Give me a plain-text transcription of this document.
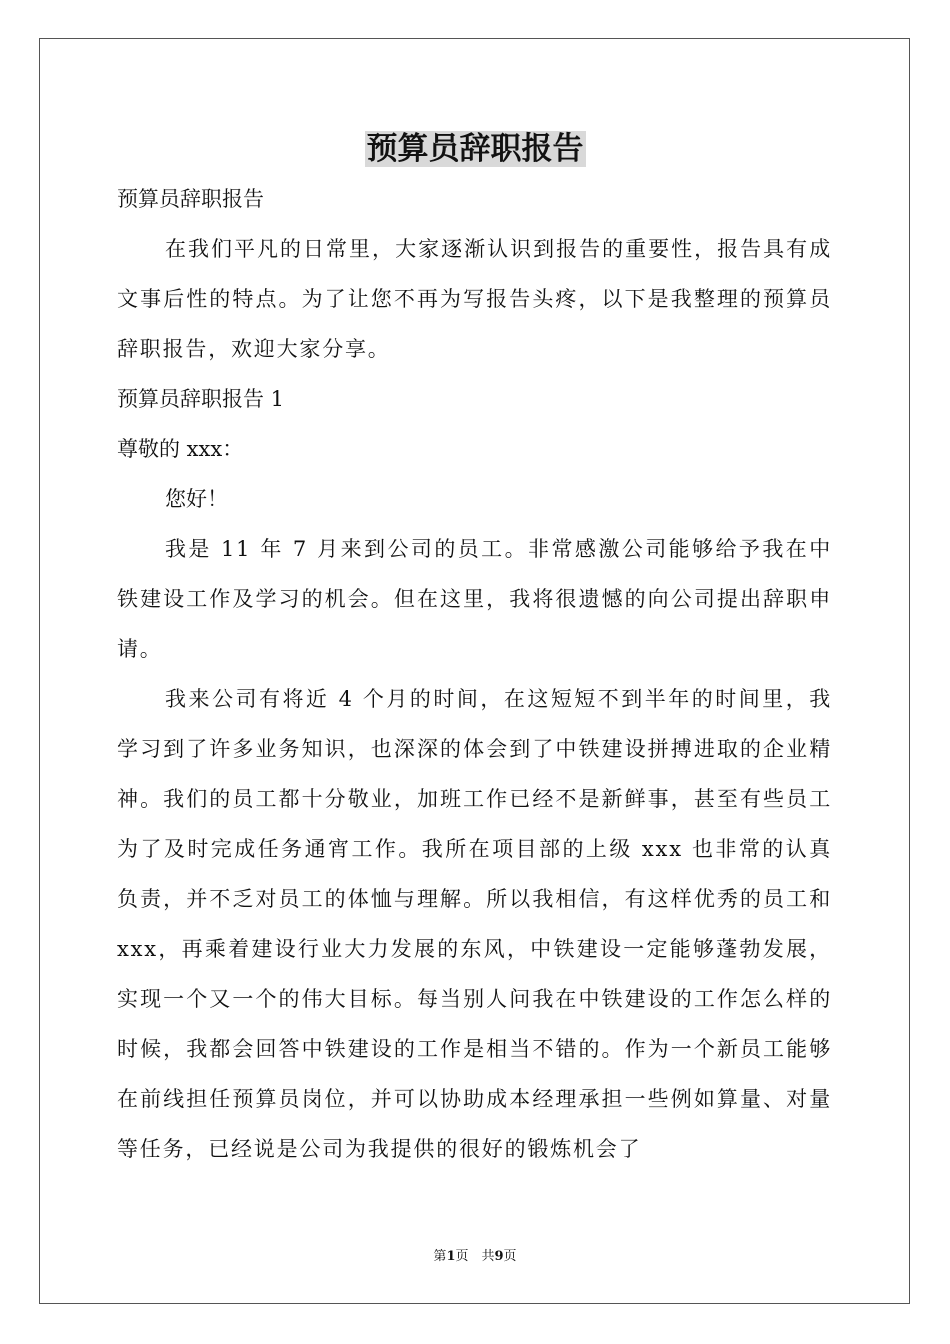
预算员辞职报告

预算员辞职报告

在我们平凡的日常里，大家逐渐认识到报告的重要性，报告具有成文事后性的特点。为了让您不再为写报告头疼，以下是我整理的预算员辞职报告，欢迎大家分享。

预算员辞职报告 1

尊敬的 xxx：

您好！

我是 11 年 7 月来到公司的员工。非常感激公司能够给予我在中铁建设工作及学习的机会。但在这里，我将很遗憾的向公司提出辞职申请。

我来公司有将近 4 个月的时间，在这短短不到半年的时间里，我学习到了许多业务知识，也深深的体会到了中铁建设拼搏进取的企业精神。我们的员工都十分敬业，加班工作已经不是新鲜事，甚至有些员工为了及时完成任务通宵工作。我所在项目部的上级 xxx 也非常的认真负责，并不乏对员工的体恤与理解。所以我相信，有这样优秀的员工和 xxx，再乘着建设行业大力发展的东风，中铁建设一定能够蓬勃发展，实现一个又一个的伟大目标。每当别人问我在中铁建设的工作怎么样的时候，我都会回答中铁建设的工作是相当不错的。作为一个新员工能够在前线担任预算员岗位，并可以协助成本经理承担一些例如算量、对量等任务，已经说是公司为我提供的很好的锻炼机会了

第1页　共9页
